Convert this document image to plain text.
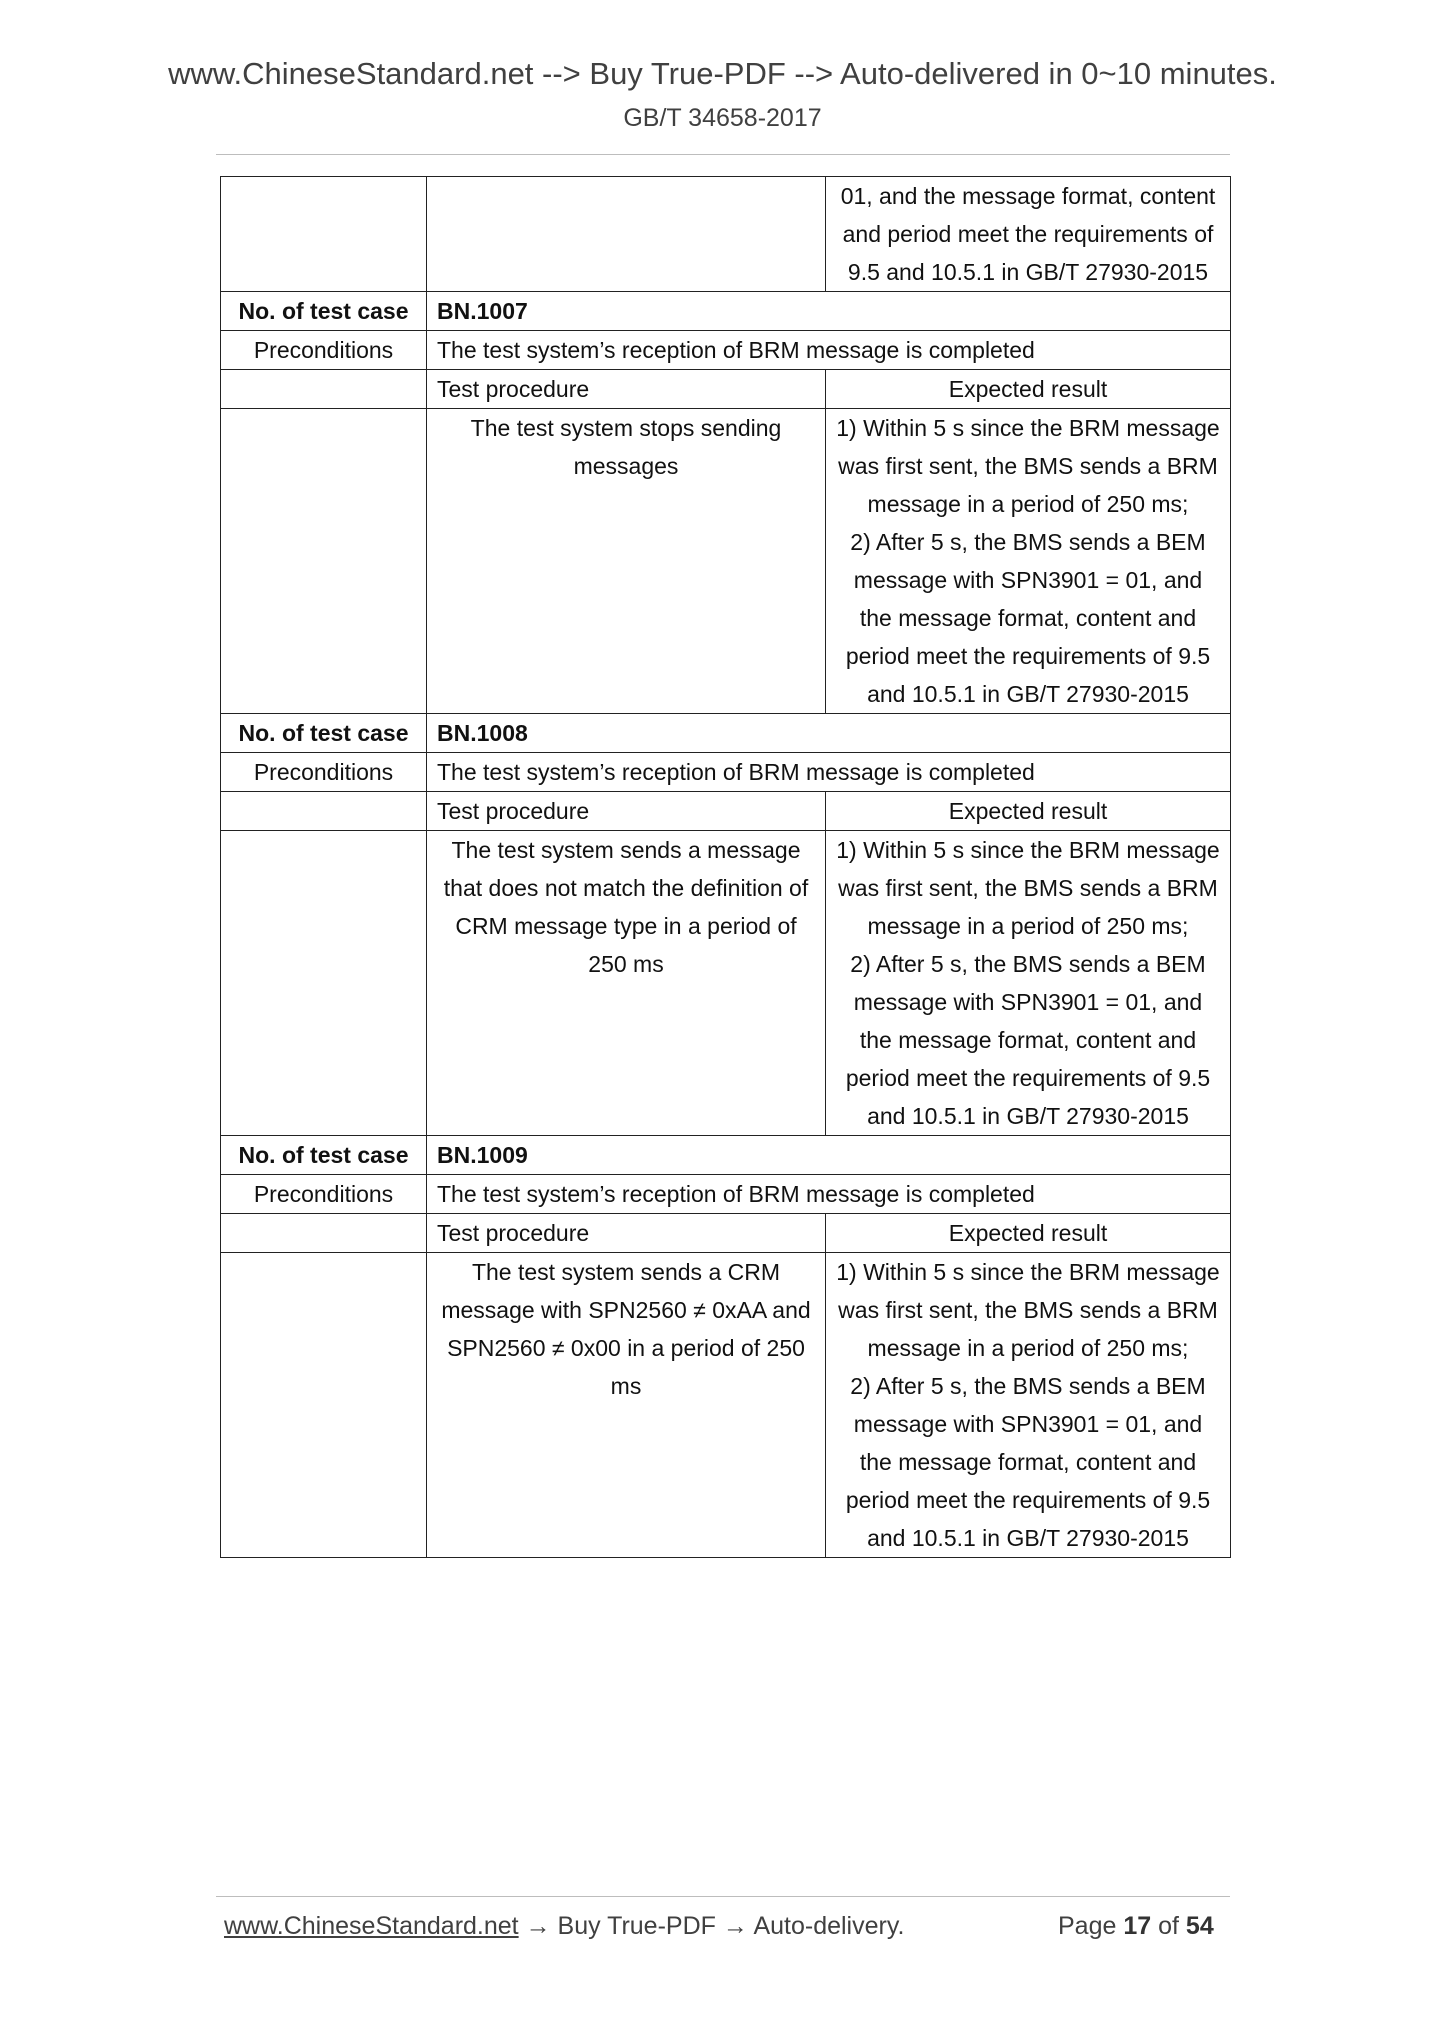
www.ChineseStandard.net --> Buy True-PDF --> Auto-delivered in 0~10 minutes.
GB/T 34658-2017
		01, and the message format, content and period meet the requirements of 9.5 and 10.5.1 in GB/T 27930-2015
No. of test case	BN.1007	
Preconditions	The test system’s reception of BRM message is completed	
	Test procedure	Expected result
	The test system stops sending messages	1) Within 5 s since the BRM message was first sent, the BMS sends a BRM message in a period of 250 ms;
2) After 5 s, the BMS sends a BEM message with SPN3901 = 01, and the message format, content and period meet the requirements of 9.5 and 10.5.1 in GB/T 27930-2015
No. of test case	BN.1008	
Preconditions	The test system’s reception of BRM message is completed	
	Test procedure	Expected result
	The test system sends a message that does not match the definition of CRM message type in a period of 250 ms	1) Within 5 s since the BRM message was first sent, the BMS sends a BRM message in a period of 250 ms;
2) After 5 s, the BMS sends a BEM message with SPN3901 = 01, and the message format, content and period meet the requirements of 9.5 and 10.5.1 in GB/T 27930-2015
No. of test case	BN.1009	
Preconditions	The test system’s reception of BRM message is completed	
	Test procedure	Expected result
	The test system sends a CRM message with SPN2560 ≠ 0xAA and SPN2560 ≠ 0x00 in a period of 250 ms	1) Within 5 s since the BRM message was first sent, the BMS sends a BRM message in a period of 250 ms;
2) After 5 s, the BMS sends a BEM message with SPN3901 = 01, and the message format, content and period meet the requirements of 9.5 and 10.5.1 in GB/T 27930-2015
www.ChineseStandard.net → Buy True-PDF → Auto-delivery.	Page 17 of 54
